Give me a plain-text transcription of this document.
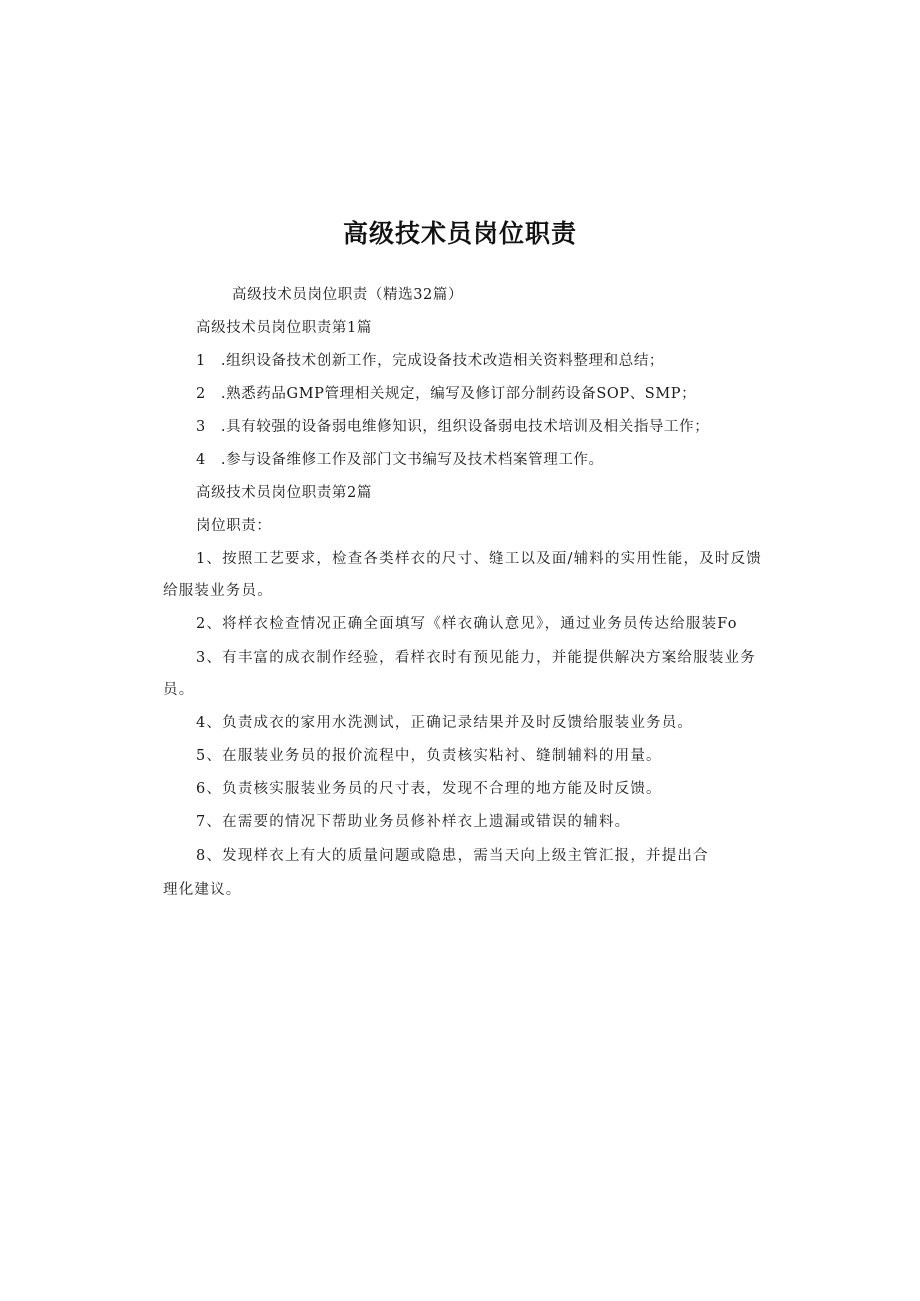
高级技术员岗位职责
高级技术员岗位职责（精选32篇）
高级技术员岗位职责第1篇
1　.组织设备技术创新工作，完成设备技术改造相关资料整理和总结；
2　.熟悉药品GMP管理相关规定，编写及修订部分制药设备SOP、SMP；
3　.具有较强的设备弱电维修知识，组织设备弱电技术培训及相关指导工作；
4　.参与设备维修工作及部门文书编写及技术档案管理工作。
高级技术员岗位职责第2篇
岗位职责：
1、按照工艺要求，检查各类样衣的尺寸、缝工以及面/辅料的实用性能，及时反馈
给服装业务员。
2、将样衣检查情况正确全面填写《样衣确认意见》，通过业务员传达给服装Fo
3、有丰富的成衣制作经验，看样衣时有预见能力，并能提供解决方案给服装业务
员。
4、负责成衣的家用水洗测试，正确记录结果并及时反馈给服装业务员。
5、在服装业务员的报价流程中，负责核实粘衬、缝制辅料的用量。
6、负责核实服装业务员的尺寸表，发现不合理的地方能及时反馈。
7、在需要的情况下帮助业务员修补样衣上遗漏或错误的辅料。
8、发现样衣上有大的质量问题或隐患，需当天向上级主管汇报，并提出合
理化建议。
